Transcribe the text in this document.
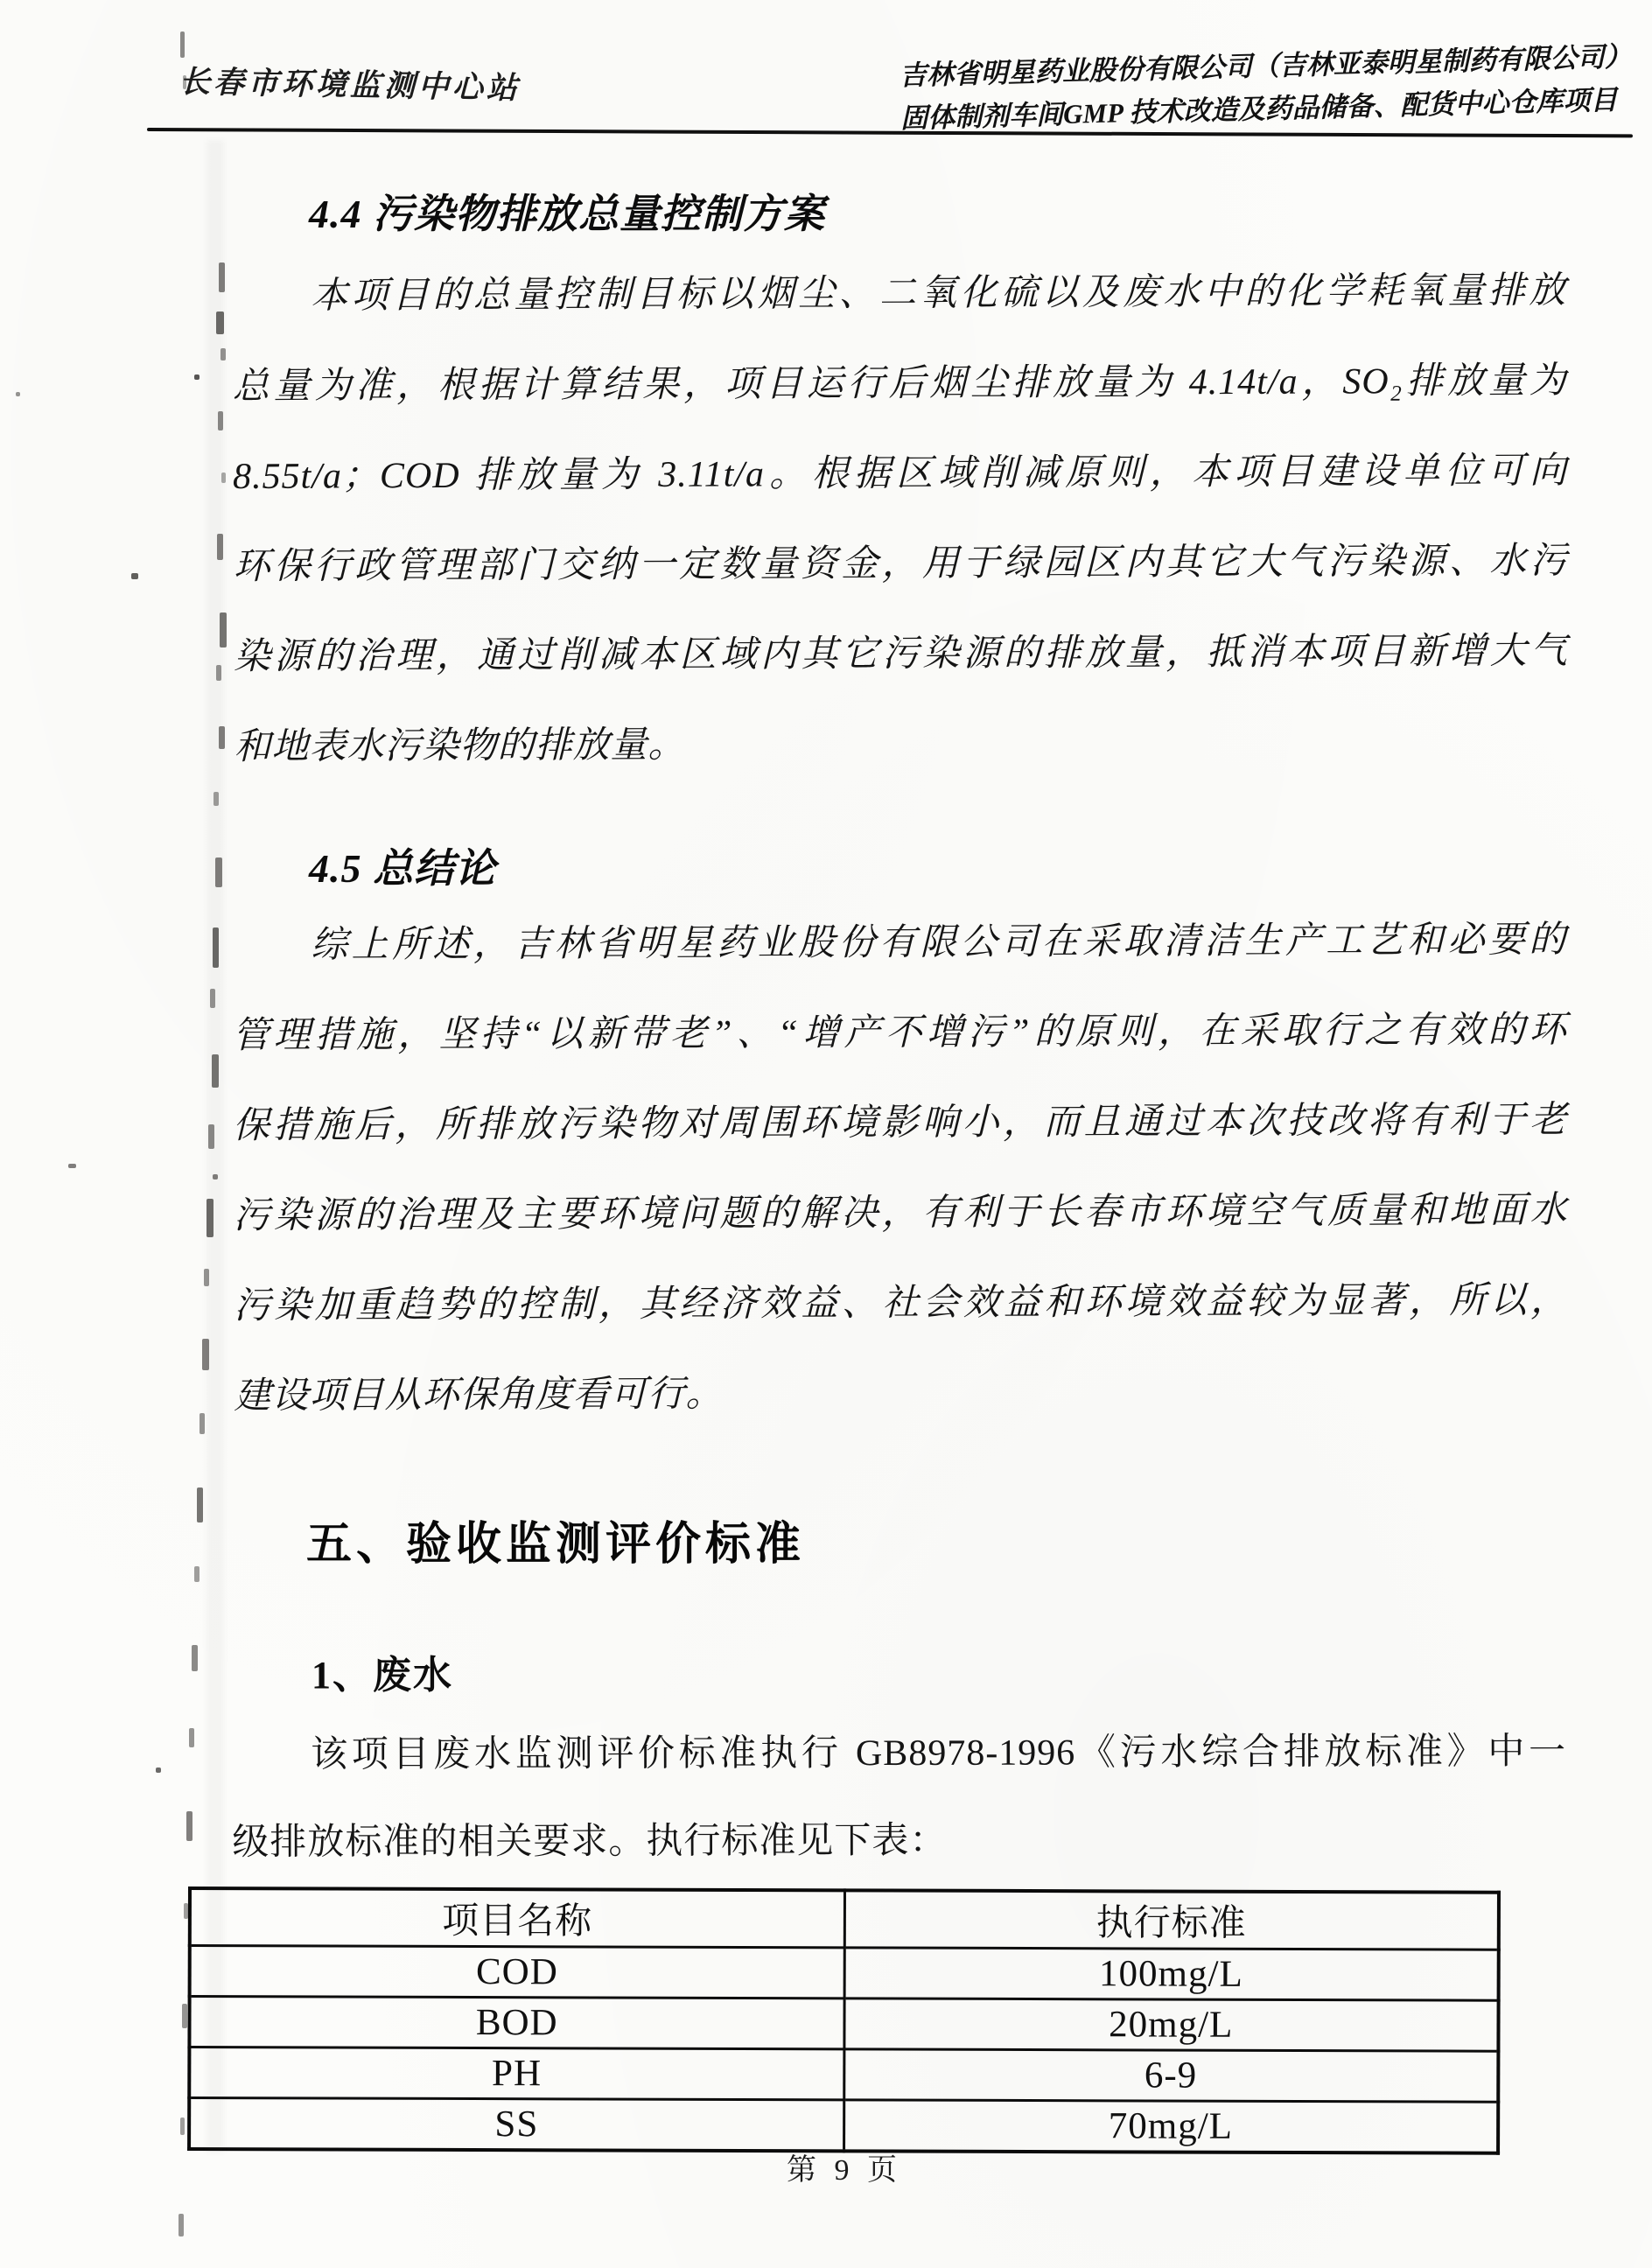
长春市环境监测中心站	吉林省明星药业股份有限公司（吉林亚泰明星制药有限公司）
固体制剂车间GMP 技术改造及药品储备、配货中心仓库项目
4.4 污染物排放总量控制方案
本项目的总量控制目标以烟尘、二氧化硫以及废水中的化学耗氧量排放
总量为准，根据计算结果，项目运行后烟尘排放量为 4.14t/a，SO₂排放量为
8.55t/a；COD 排放量为 3.11t/a。根据区域削减原则，本项目建设单位可向
环保行政管理部门交纳一定数量资金，用于绿园区内其它大气污染源、水污
染源的治理，通过削减本区域内其它污染源的排放量，抵消本项目新增大气
和地表水污染物的排放量。
4.5 总结论
综上所述，吉林省明星药业股份有限公司在采取清洁生产工艺和必要的
管理措施，坚持“以新带老”、“增产不增污”的原则，在采取行之有效的环
保措施后，所排放污染物对周围环境影响小，而且通过本次技改将有利于老
污染源的治理及主要环境问题的解决，有利于长春市环境空气质量和地面水
污染加重趋势的控制，其经济效益、社会效益和环境效益较为显著，所以，
建设项目从环保角度看可行。
五、验收监测评价标准
1、废水
该项目废水监测评价标准执行 GB8978-1996《污水综合排放标准》中一
级排放标准的相关要求。执行标准见下表：
项目名称	执行标准
COD	100mg/L
BOD	20mg/L
PH	6-9
SS	70mg/L
第 9 页
